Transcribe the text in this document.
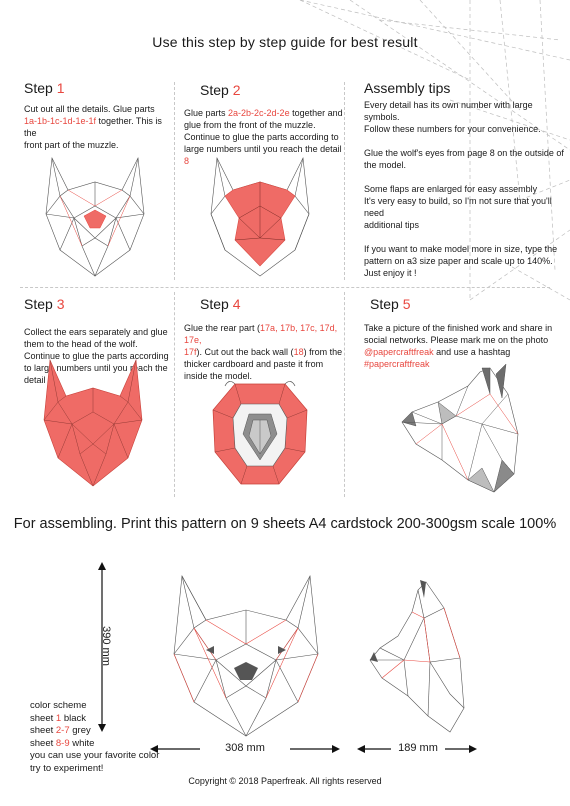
Use this step by step guide for best result
Step 1
Cut out all the details. Glue parts
1a-1b-1c-1d-1e-1f together. This is the
front part of the muzzle.
Step 2
Glue parts 2a-2b-2c-2d-2e together and
glue from the front of the muzzle.
Continue to glue the parts according to
large numbers until you reach the detail 8
Assembly tips
Every detail has its own number with large symbols.
Follow these numbers for your convenience.
Glue the wolf's eyes from page 8 on the outside of
the model.
Some flaps are enlarged for easy assembly
It's very easy to build, so I'm not sure that you'll need
additional tips
If you want to make model more in size, type the
pattern on a3 size paper and scale up to 140%.
Just enjoy it !
Step 3
Collect the ears separately and glue
them to the head of the wolf.
Continue to glue the parts according
to large numbers until you reach the
detail
Step 4
Glue the rear part (17a, 17b, 17c, 17d, 17e,
17f). Cut out the back wall (18) from the
thicker cardboard and paste it from
inside the model.
Step 5
Take a picture of the finished work and share in
social networks. Please mark me on the photo
@papercraftfreak and use a hashtag
#papercraftfreak
For assembling. Print this pattern on 9 sheets A4 cardstock 200-300gsm scale 100%
390 mm
308 mm	189 mm
color scheme
sheet 1 black
sheet 2-7 grey
sheet 8-9 white
you can use your favorite color
try to experiment!
Copyright © 2018 Paperfreak. All rights reserved
